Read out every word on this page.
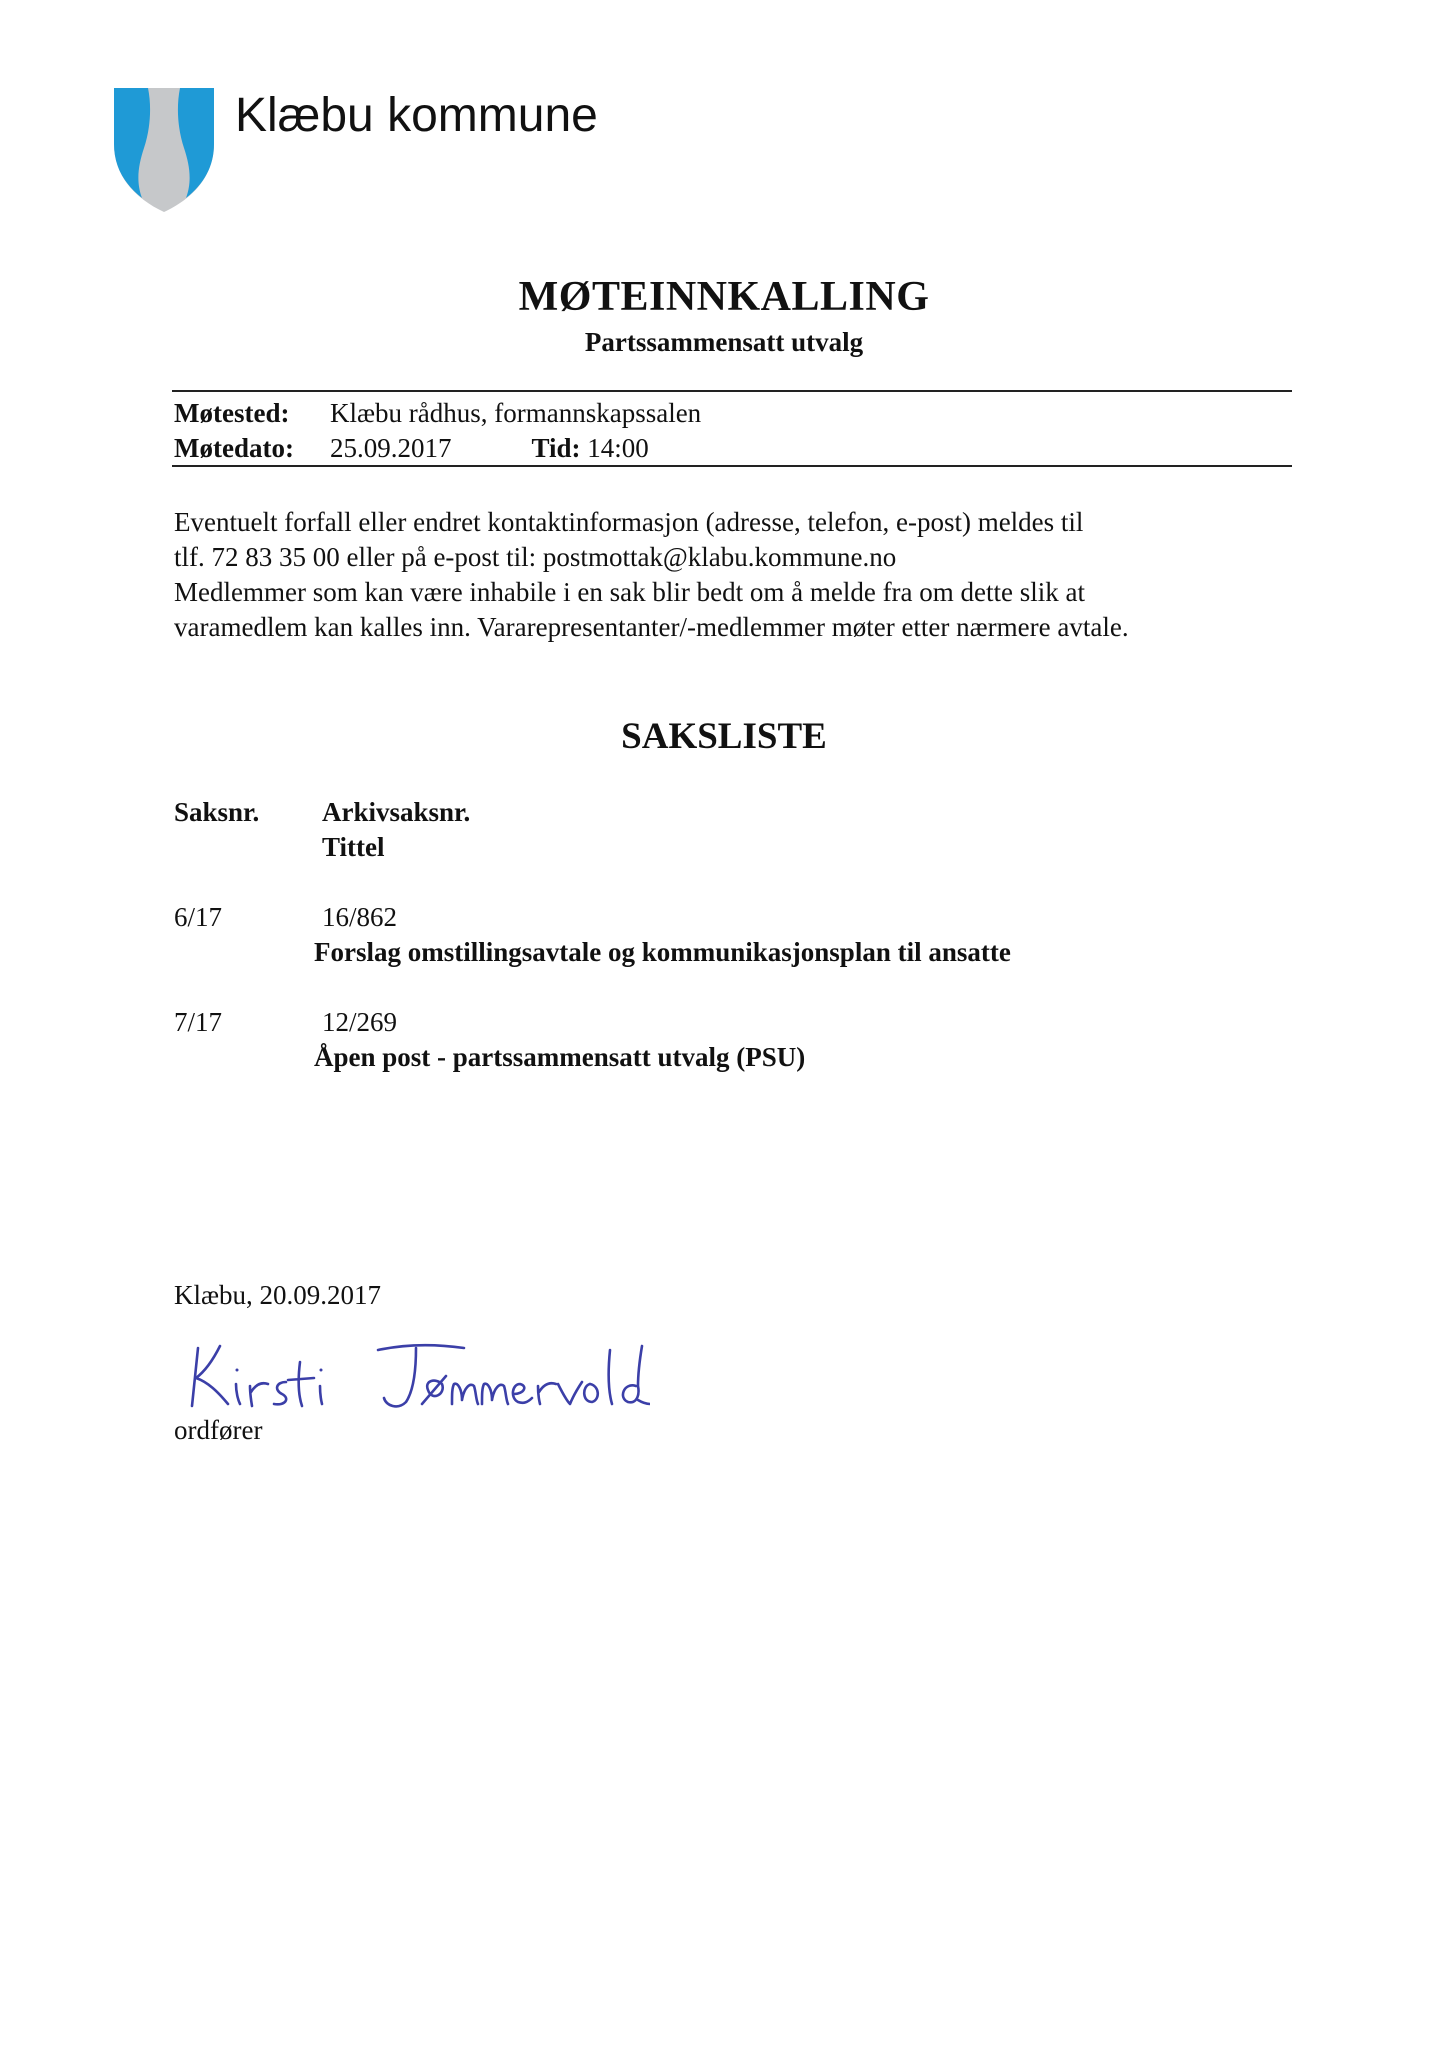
Klæbu kommune
MØTEINNKALLING
Partssammensatt utvalg
Møtested: Klæbu rådhus, formannskapssalen
Møtedato: 25.09.2017	Tid: 14:00
Eventuelt forfall eller endret kontaktinformasjon (adresse, telefon, e-post) meldes til
tlf. 72 83 35 00 eller på e-post til: postmottak@klabu.kommune.no
Medlemmer som kan være inhabile i en sak blir bedt om å melde fra om dette slik at
varamedlem kan kalles inn. Vararepresentanter/-medlemmer møter etter nærmere avtale.
SAKSLISTE
Saksnr. Arkivsaksnr.
Tittel
6/17	16/862
Forslag omstillingsavtale og kommunikasjonsplan til ansatte
7/17	12/269
Åpen post - partssammensatt utvalg (PSU)
Klæbu, 20.09.2017
ordfører
